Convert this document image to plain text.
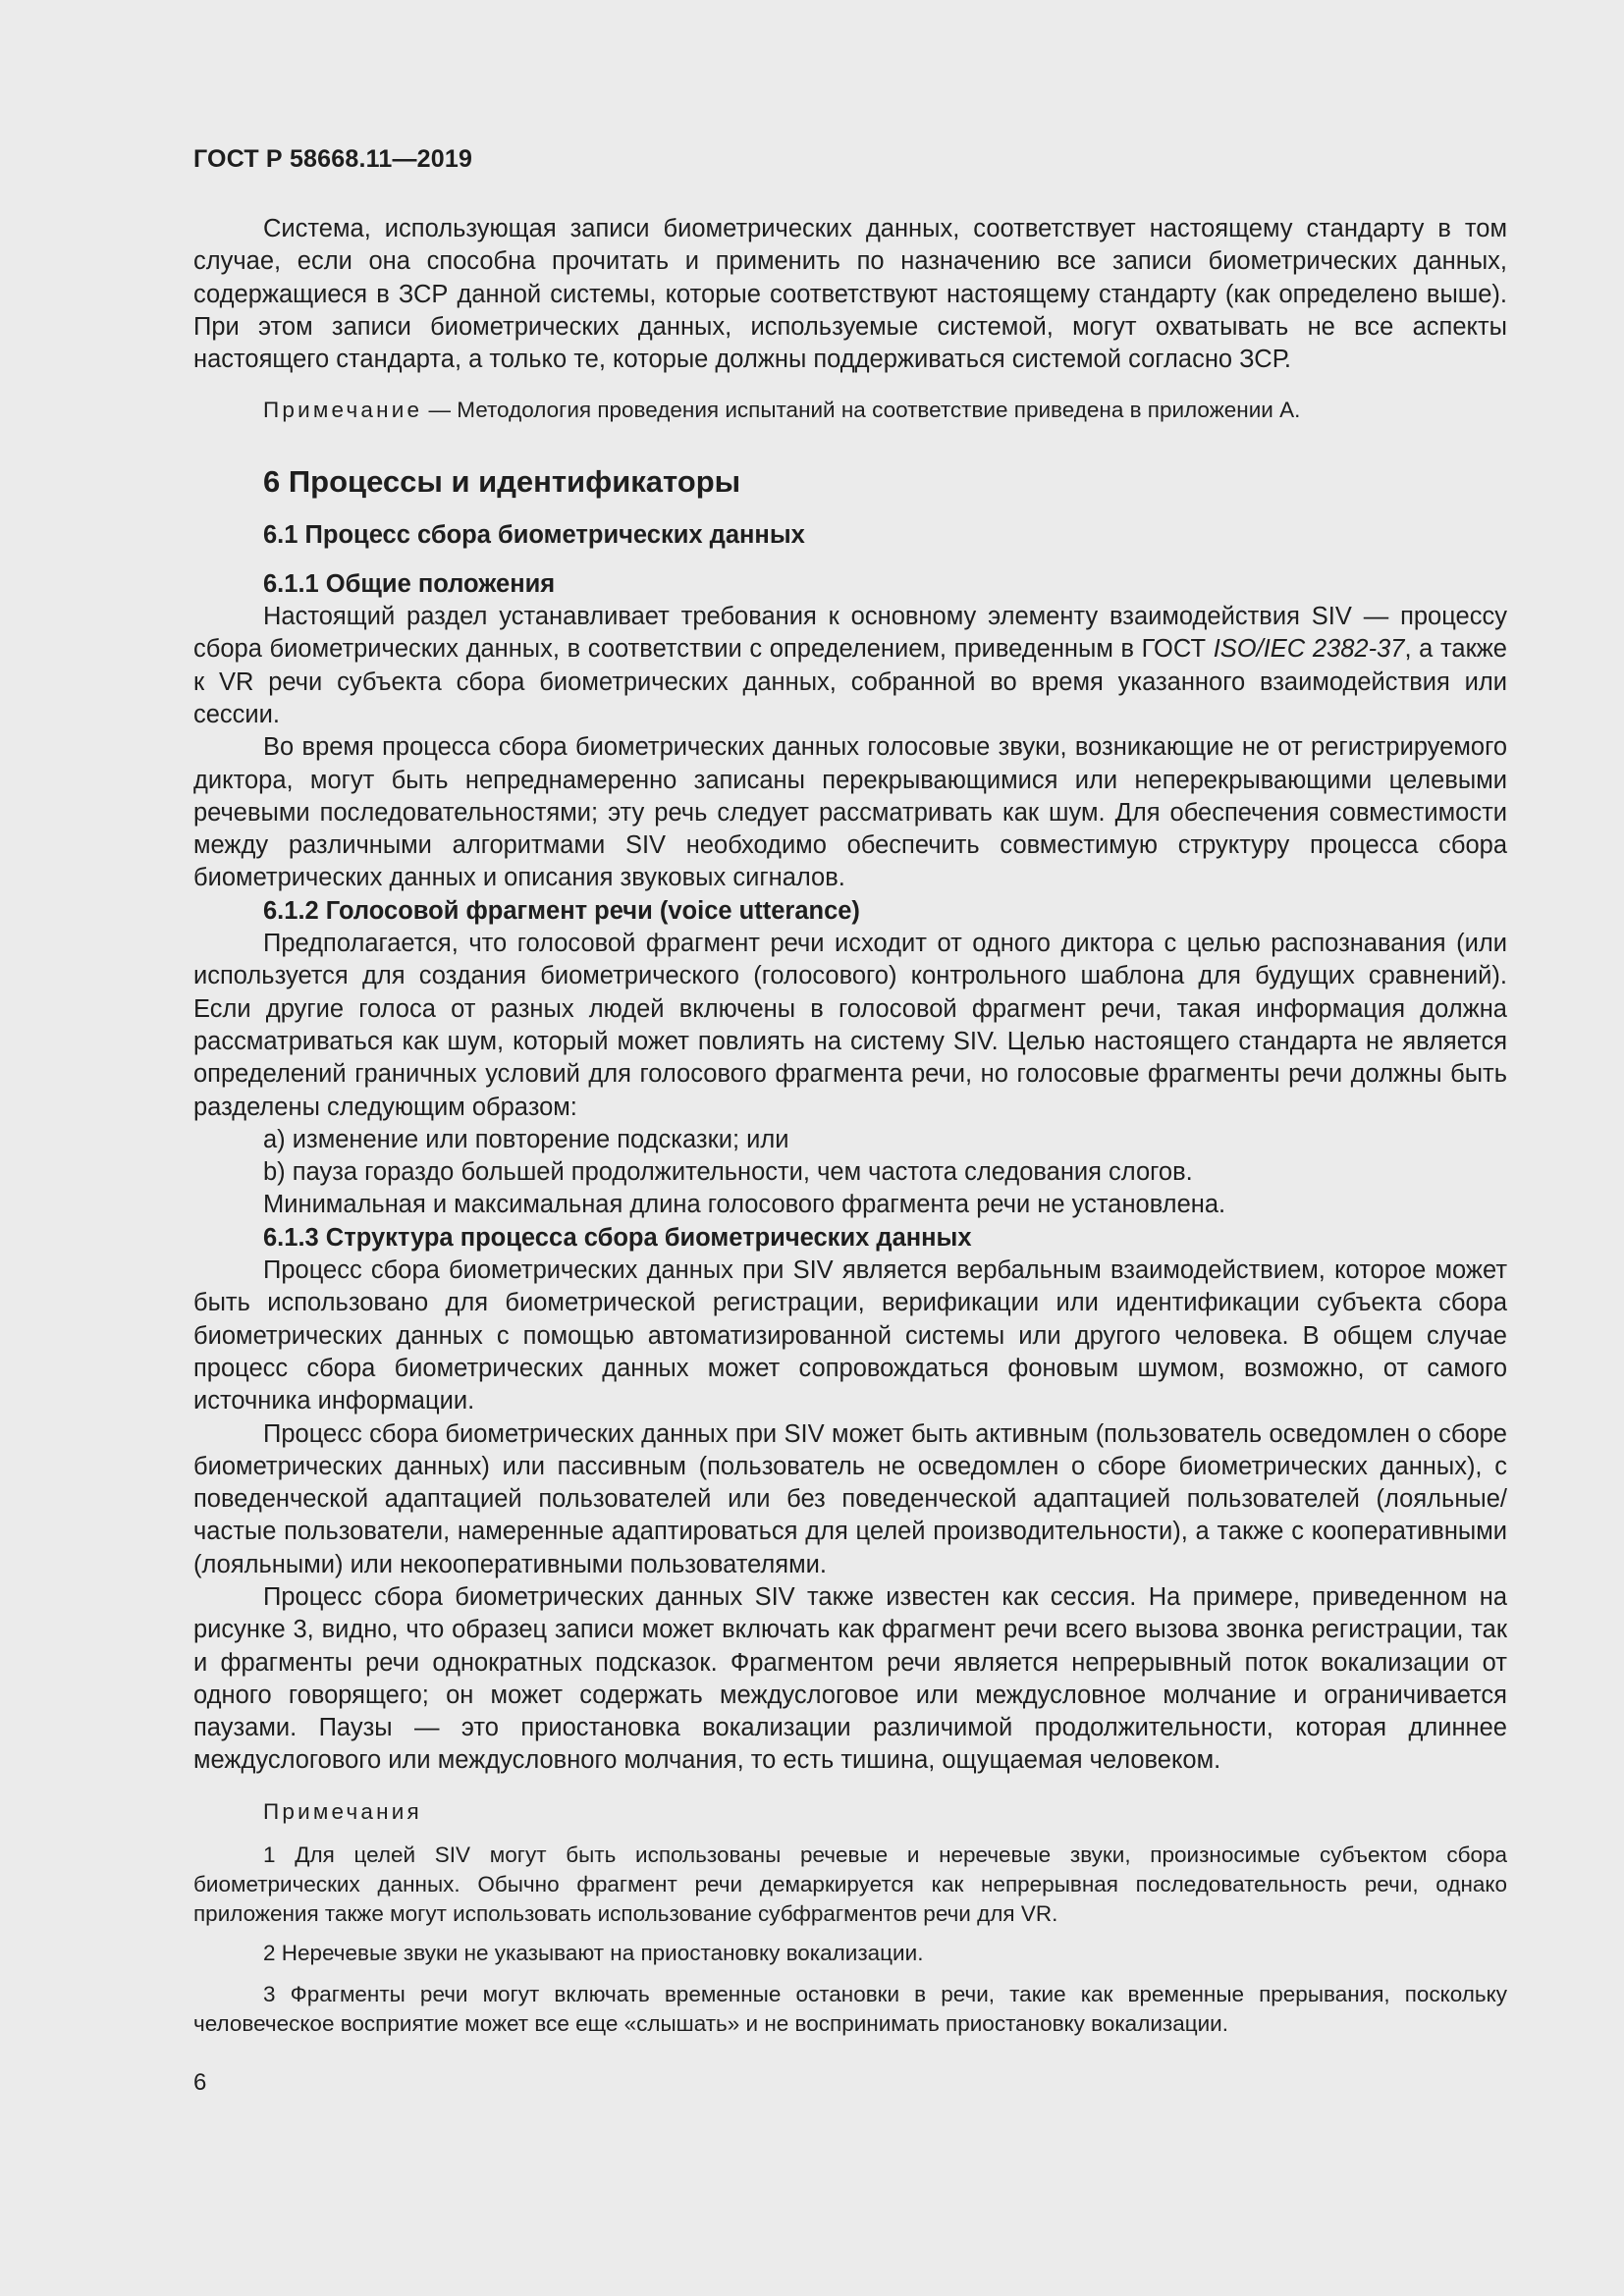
ГОСТ Р 58668.11—2019

Система, использующая записи биометрических данных, соответствует настоящему стандарту в том случае, если она способна прочитать и применить по назначению все записи биометрических данных, содержащиеся в ЗСР данной системы, которые соответствуют настоящему стандарту (как определено выше). При этом записи биометрических данных, используемые системой, могут охватывать не все аспекты настоящего стандарта, а только те, которые должны поддерживаться системой согласно ЗСР.

Примечание — Методология проведения испытаний на соответствие приведена в приложении А.

6 Процессы и идентификаторы
6.1 Процесс сбора биометрических данных
6.1.1 Общие положения

Настоящий раздел устанавливает требования к основному элементу взаимодействия SIV — процессу сбора биометрических данных, в соответствии с определением, приведенным в ГОСТ ISO/IEC 2382-37, а также к VR речи субъекта сбора биометрических данных, собранной во время указанного взаимодействия или сессии.

Во время процесса сбора биометрических данных голосовые звуки, возникающие не от регистрируемого диктора, могут быть непреднамеренно записаны перекрывающимися или неперекрывающими целевыми речевыми последовательностями; эту речь следует рассматривать как шум. Для обеспечения совместимости между различными алгоритмами SIV необходимо обеспечить совместимую структуру процесса сбора биометрических данных и описания звуковых сигналов.

6.1.2 Голосовой фрагмент речи (voice utterance)

Предполагается, что голосовой фрагмент речи исходит от одного диктора с целью распознавания (или используется для создания биометрического (голосового) контрольного шаблона для будущих сравнений). Если другие голоса от разных людей включены в голосовой фрагмент речи, такая информация должна рассматриваться как шум, который может повлиять на систему SIV. Целью настоящего стандарта не является определений граничных условий для голосового фрагмента речи, но голосовые фрагменты речи должны быть разделены следующим образом:

a) изменение или повторение подсказки; или
b) пауза гораздо большей продолжительности, чем частота следования слогов.

Минимальная и максимальная длина голосового фрагмента речи не установлена.

6.1.3 Структура процесса сбора биометрических данных

Процесс сбора биометрических данных при SIV является вербальным взаимодействием, которое может быть использовано для биометрической регистрации, верификации или идентификации субъекта сбора биометрических данных с помощью автоматизированной системы или другого человека. В общем случае процесс сбора биометрических данных может сопровождаться фоновым шумом, возможно, от самого источника информации.

Процесс сбора биометрических данных при SIV может быть активным (пользователь осведомлен о сборе биометрических данных) или пассивным (пользователь не осведомлен о сборе биометрических данных), с поведенческой адаптацией пользователей или без поведенческой адаптацией пользователей (лояльные/частые пользователи, намеренные адаптироваться для целей производительности), а также с кооперативными (лояльными) или некооперативными пользователями.

Процесс сбора биометрических данных SIV также известен как сессия. На примере, приведенном на рисунке 3, видно, что образец записи может включать как фрагмент речи всего вызова звонка регистрации, так и фрагменты речи однократных подсказок. Фрагментом речи является непрерывный поток вокализации от одного говорящего; он может содержать междуслоговое или междусловное молчание и ограничивается паузами. Паузы — это приостановка вокализации различимой продолжительности, которая длиннее междуслогового или междусловного молчания, то есть тишина, ощущаемая человеком.

Примечания

1 Для целей SIV могут быть использованы речевые и неречевые звуки, произносимые субъектом сбора биометрических данных. Обычно фрагмент речи демаркируется как непрерывная последовательность речи, однако приложения также могут использовать использование субфрагментов речи для VR.

2 Неречевые звуки не указывают на приостановку вокализации.

3 Фрагменты речи могут включать временные остановки в речи, такие как временные прерывания, поскольку человеческое восприятие может все еще «слышать» и не воспринимать приостановку вокализации.

6
